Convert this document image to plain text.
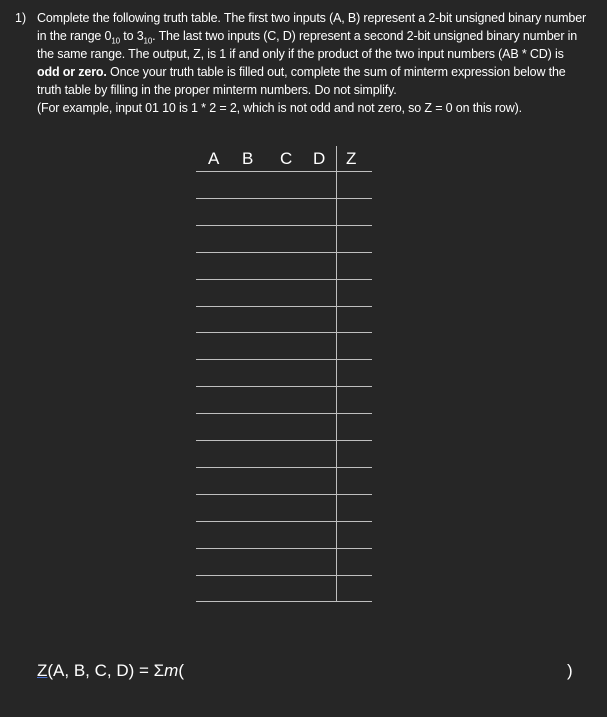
1) Complete the following truth table. The first two inputs (A, B) represent a 2-bit unsigned binary number in the range $0_{10}$ to $3_{10}$. The last two inputs (C, D) represent a second 2-bit unsigned binary number in the same range. The output, Z, is 1 if and only if the product of the two input numbers (AB * CD) is odd or zero. Once your truth table is filled out, complete the sum of minterm expression below the truth table by filling in the proper minterm numbers. Do not simplify.

(For example, input 01 10 is 1 * 2 = 2, which is not odd and not zero, so Z = 0 on this row).

A B C D Z
Z(A, B, C, D) = Σm(	)
